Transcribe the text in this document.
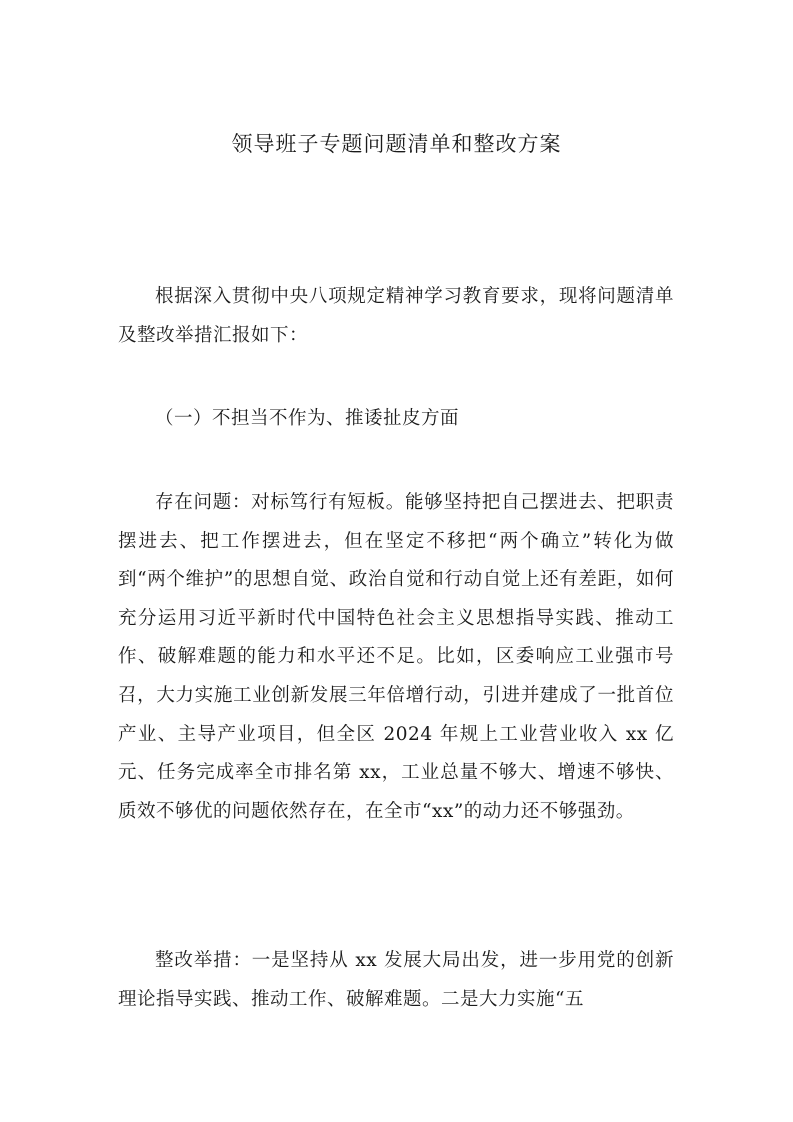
领导班子专题问题清单和整改方案

根据深入贯彻中央八项规定精神学习教育要求，现将问题清单及整改举措汇报如下：

（一）不担当不作为、推诿扯皮方面

存在问题：对标笃行有短板。能够坚持把自己摆进去、把职责摆进去、把工作摆进去，但在坚定不移把“两个确立”转化为做到“两个维护”的思想自觉、政治自觉和行动自觉上还有差距，如何充分运用习近平新时代中国特色社会主义思想指导实践、推动工作、破解难题的能力和水平还不足。比如，区委响应工业强市号召，大力实施工业创新发展三年倍增行动，引进并建成了一批首位产业、主导产业项目，但全区 2024 年规上工业营业收入 xx 亿元、任务完成率全市排名第 xx，工业总量不够大、增速不够快、质效不够优的问题依然存在，在全市“xx”的动力还不够强劲。

整改举措：一是坚持从 xx 发展大局出发，进一步用党的创新理论指导实践、推动工作、破解难题。二是大力实施“五
